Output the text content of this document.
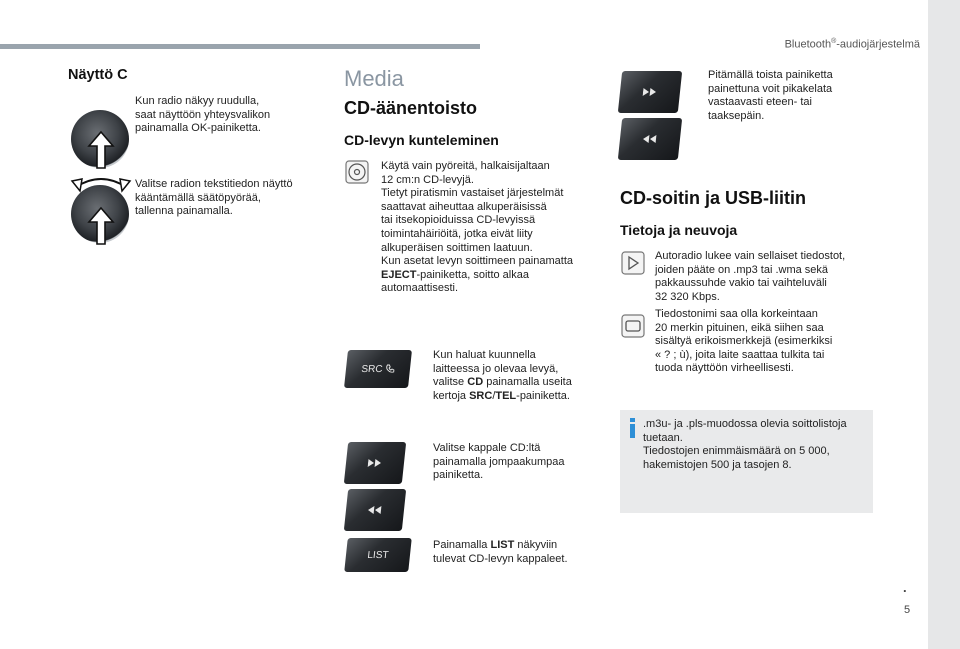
Bluetooth®-audiojärjestelmä
Näyttö C
Kun radio näkyy ruudulla,
saat näyttöön yhteysvalikon
painamalla OK-painiketta.
Valitse radion tekstitiedon näyttö
kääntämällä säätöpyörää,
tallenna painamalla.
Media
CD-äänentoisto
CD-levyn kunteleminen
Käytä vain pyöreitä, halkaisijaltaan
12 cm:n CD-levyjä.
Tietyt piratismin vastaiset järjestelmät
saattavat aiheuttaa alkuperäisissä
tai itsekopioiduissa CD-levyissä
toimintahäiriöitä, jotka eivät liity
alkuperäisen soittimen laatuun.
Kun asetat levyn soittimeen painamatta EJECT-painiketta, soitto alkaa
automaattisesti.
SRC
Kun haluat kuunnella
laitteessa jo olevaa levyä,
valitse CD painamalla useita
kertoja SRC/TEL-painiketta.
Valitse kappale CD:ltä
painamalla jompaakumpaa
painiketta.
LIST
Painamalla LIST näkyviin
tulevat CD-levyn kappaleet.
Pitämällä toista painiketta
painettuna voit pikakelata
vastaavasti eteen- tai
taaksepäin.
CD-soitin ja USB-liitin
Tietoja ja neuvoja
Autoradio lukee vain sellaiset tiedostot,
joiden pääte on .mp3 tai .wma sekä
pakkaussuhde vakio tai vaihteluväli
32 320 Kbps.
Tiedostonimi saa olla korkeintaan
20 merkin pituinen, eikä siihen saa
sisältyä erikoismerkkejä (esimerkiksi
« ? ; ù), joita laite saattaa tulkita tai
tuoda näyttöön virheellisesti.
.m3u- ja .pls-muodossa olevia soittolistoja
tuetaan.
Tiedostojen enimmäismäärä on 5 000,
hakemistojen 500 ja tasojen 8.
.
5
